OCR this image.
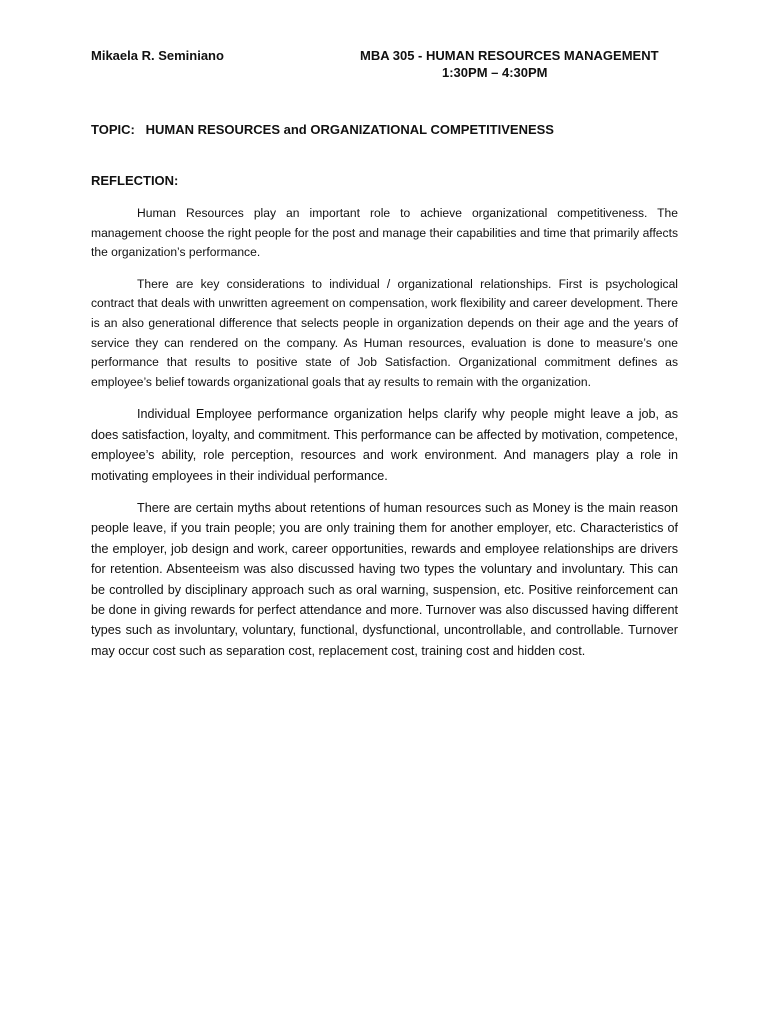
Mikaela R. Seminiano	MBA 305 - HUMAN RESOURCES MANAGEMENT
1:30PM – 4:30PM
TOPIC:   HUMAN RESOURCES and ORGANIZATIONAL COMPETITIVENESS
REFLECTION:

Human Resources play an important role to achieve organizational competitiveness. The management choose the right people for the post and manage their capabilities and time that primarily affects the organization’s performance.

There are key considerations to individual / organizational relationships. First is psychological contract that deals with unwritten agreement on compensation, work flexibility and career development. There is an also generational difference that selects people in organization depends on their age and the years of service they can rendered on the company. As Human resources, evaluation is done to measure’s one performance that results to positive state of Job Satisfaction. Organizational commitment defines as employee’s belief towards organizational goals that ay results to remain with the organization.

Individual Employee performance organization helps clarify why people might leave a job, as does satisfaction, loyalty, and commitment. This performance can be affected by motivation, competence, employee’s ability, role perception, resources and work environment. And managers play a role in motivating employees in their individual performance.

There are certain myths about retentions of human resources such as Money is the main reason people leave, if you train people; you are only training them for another employer, etc. Characteristics of the employer, job design and work, career opportunities, rewards and employee relationships are drivers for retention. Absenteeism was also discussed having two types the voluntary and involuntary. This can be controlled by disciplinary approach such as oral warning, suspension, etc. Positive reinforcement can be done in giving rewards for perfect attendance and more. Turnover was also discussed having different types such as involuntary, voluntary, functional, dysfunctional, uncontrollable, and controllable. Turnover may occur cost such as separation cost, replacement cost, training cost and hidden cost.
